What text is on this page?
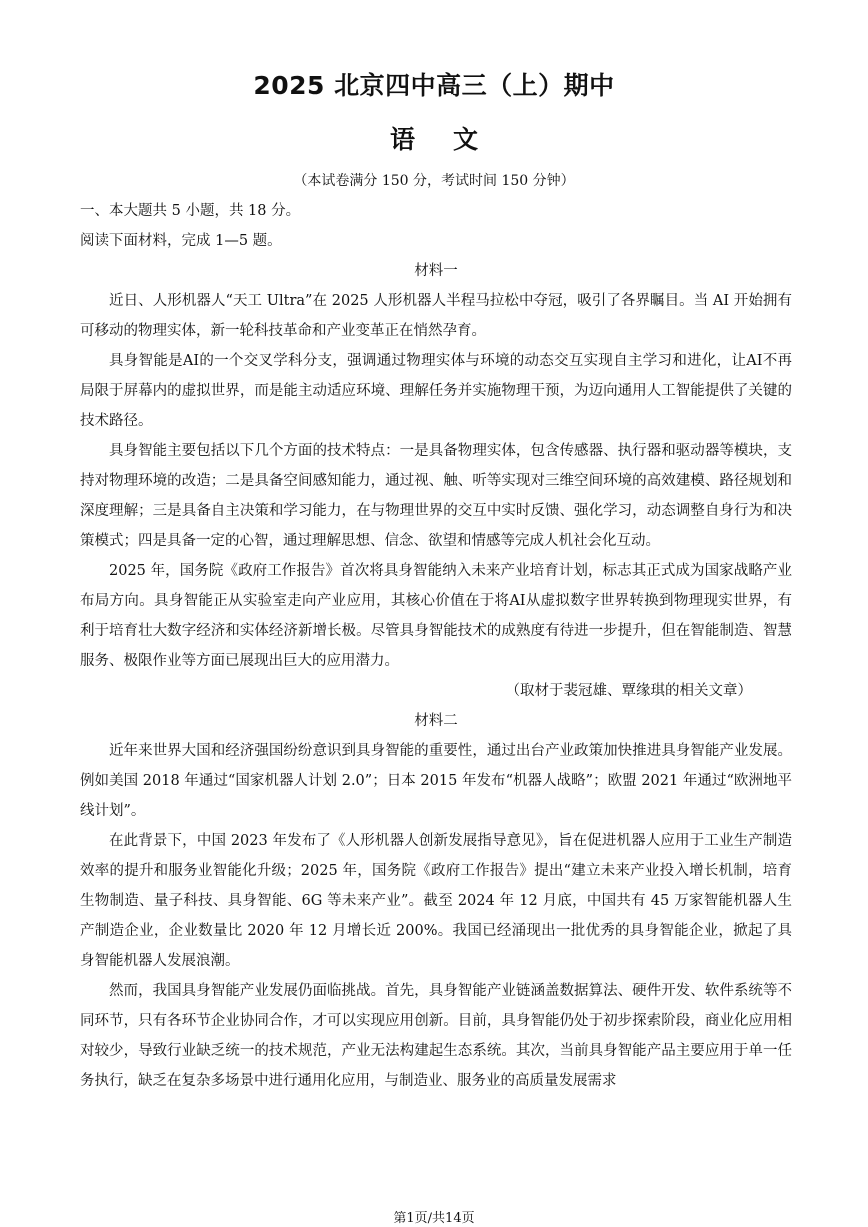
2025 北京四中高三（上）期中
语文
（本试卷满分 150 分，考试时间 150 分钟）

一、本大题共 5 小题，共 18 分。

阅读下面材料，完成 1—5 题。

材料一

近日、人形机器人“天工 Ultra”在 2025 人形机器人半程马拉松中夺冠，吸引了各界瞩目。当 AI 开始拥有可移动的物理实体，新一轮科技革命和产业变革正在悄然孕育。

具身智能是AI的一个交叉学科分支，强调通过物理实体与环境的动态交互实现自主学习和进化，让AI不再局限于屏幕内的虚拟世界，而是能主动适应环境、理解任务并实施物理干预，为迈向通用人工智能提供了关键的技术路径。

具身智能主要包括以下几个方面的技术特点：一是具备物理实体，包含传感器、执行器和驱动器等模块，支持对物理环境的改造；二是具备空间感知能力，通过视、触、听等实现对三维空间环境的高效建模、路径规划和深度理解；三是具备自主决策和学习能力，在与物理世界的交互中实时反馈、强化学习，动态调整自身行为和决策模式；四是具备一定的心智，通过理解思想、信念、欲望和情感等完成人机社会化互动。

2025 年，国务院《政府工作报告》首次将具身智能纳入未来产业培育计划，标志其正式成为国家战略产业布局方向。具身智能正从实验室走向产业应用，其核心价值在于将AI从虚拟数字世界转换到物理现实世界，有利于培育壮大数字经济和实体经济新增长极。尽管具身智能技术的成熟度有待进一步提升，但在智能制造、智慧服务、极限作业等方面已展现出巨大的应用潜力。

（取材于裴冠雄、覃缘琪的相关文章）

材料二

近年来世界大国和经济强国纷纷意识到具身智能的重要性，通过出台产业政策加快推进具身智能产业发展。例如美国 2018 年通过“国家机器人计划 2.0”；日本 2015 年发布“机器人战略”；欧盟 2021 年通过“欧洲地平线计划”。

在此背景下，中国 2023 年发布了《人形机器人创新发展指导意见》，旨在促进机器人应用于工业生产制造效率的提升和服务业智能化升级；2025 年，国务院《政府工作报告》提出“建立未来产业投入增长机制，培育生物制造、量子科技、具身智能、6G 等未来产业”。截至 2024 年 12 月底，中国共有 45 万家智能机器人生产制造企业，企业数量比 2020 年 12 月增长近 200%。我国已经涌现出一批优秀的具身智能企业，掀起了具身智能机器人发展浪潮。

然而，我国具身智能产业发展仍面临挑战。首先，具身智能产业链涵盖数据算法、硬件开发、软件系统等不同环节，只有各环节企业协同合作，才可以实现应用创新。目前，具身智能仍处于初步探索阶段，商业化应用相对较少，导致行业缺乏统一的技术规范，产业无法构建起生态系统。其次，当前具身智能产品主要应用于单一任务执行，缺乏在复杂多场景中进行通用化应用，与制造业、服务业的高质量发展需求

第1页/共14页
